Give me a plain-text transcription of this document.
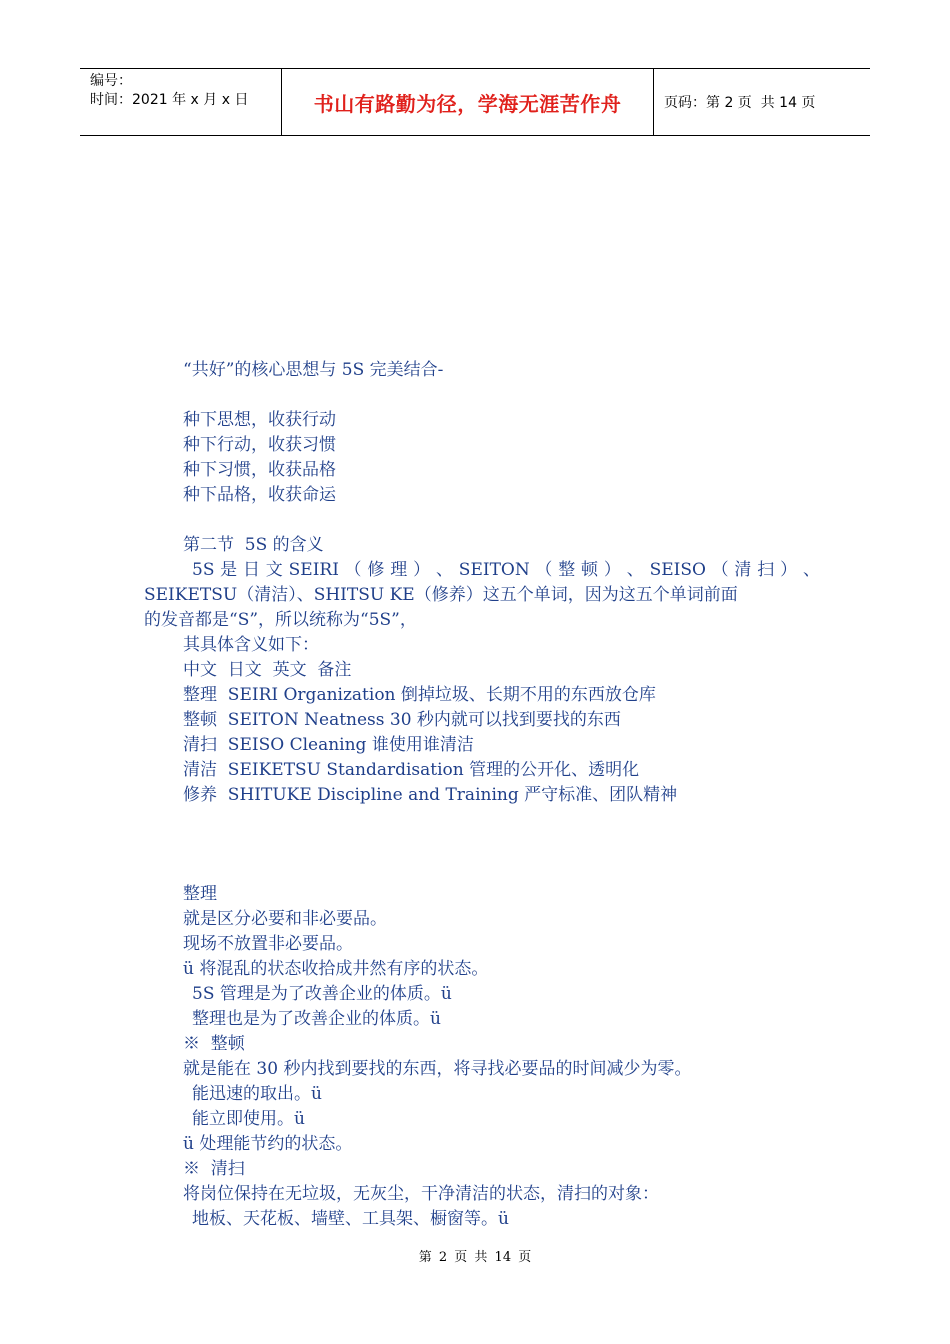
编号：
时间：2021 年 x 月 x 日	书山有路勤为径，学海无涯苦作舟	页码：第 2 页  共 14 页
“共好”的核心思想与 5S 完美结合-
种下思想，收获行动
种下行动，收获习惯
种下习惯，收获品格
种下品格，收获命运
第二节  5S 的含义
5S 是 日 文 SEIRI （ 修 理 ） 、 SEITON （ 整 顿 ） 、 SEISO （ 清 扫 ） 、
SEIKETSU（清洁）、SHITSU KE（修养）这五个单词，因为这五个单词前面
的发音都是“S”，所以统称为“5S”，
其具体含义如下：
中文  日文  英文  备注
整理  SEIRI Organization 倒掉垃圾、长期不用的东西放仓库
整顿  SEITON Neatness 30 秒内就可以找到要找的东西
清扫  SEISO Cleaning 谁使用谁清洁
清洁  SEIKETSU Standardisation 管理的公开化、透明化
修养  SHITUKE Discipline and Training 严守标准、团队精神
整理
就是区分必要和非必要品。
现场不放置非必要品。
ü 将混乱的状态收拾成井然有序的状态。
5S 管理是为了改善企业的体质。ü
整理也是为了改善企业的体质。ü
※  整顿
就是能在 30 秒内找到要找的东西，将寻找必要品的时间减少为零。
能迅速的取出。ü
能立即使用。ü
ü 处理能节约的状态。
※  清扫
将岗位保持在无垃圾，无灰尘，干净清洁的状态，清扫的对象：
地板、天花板、墙壁、工具架、橱窗等。ü
第 2 页 共 14 页
